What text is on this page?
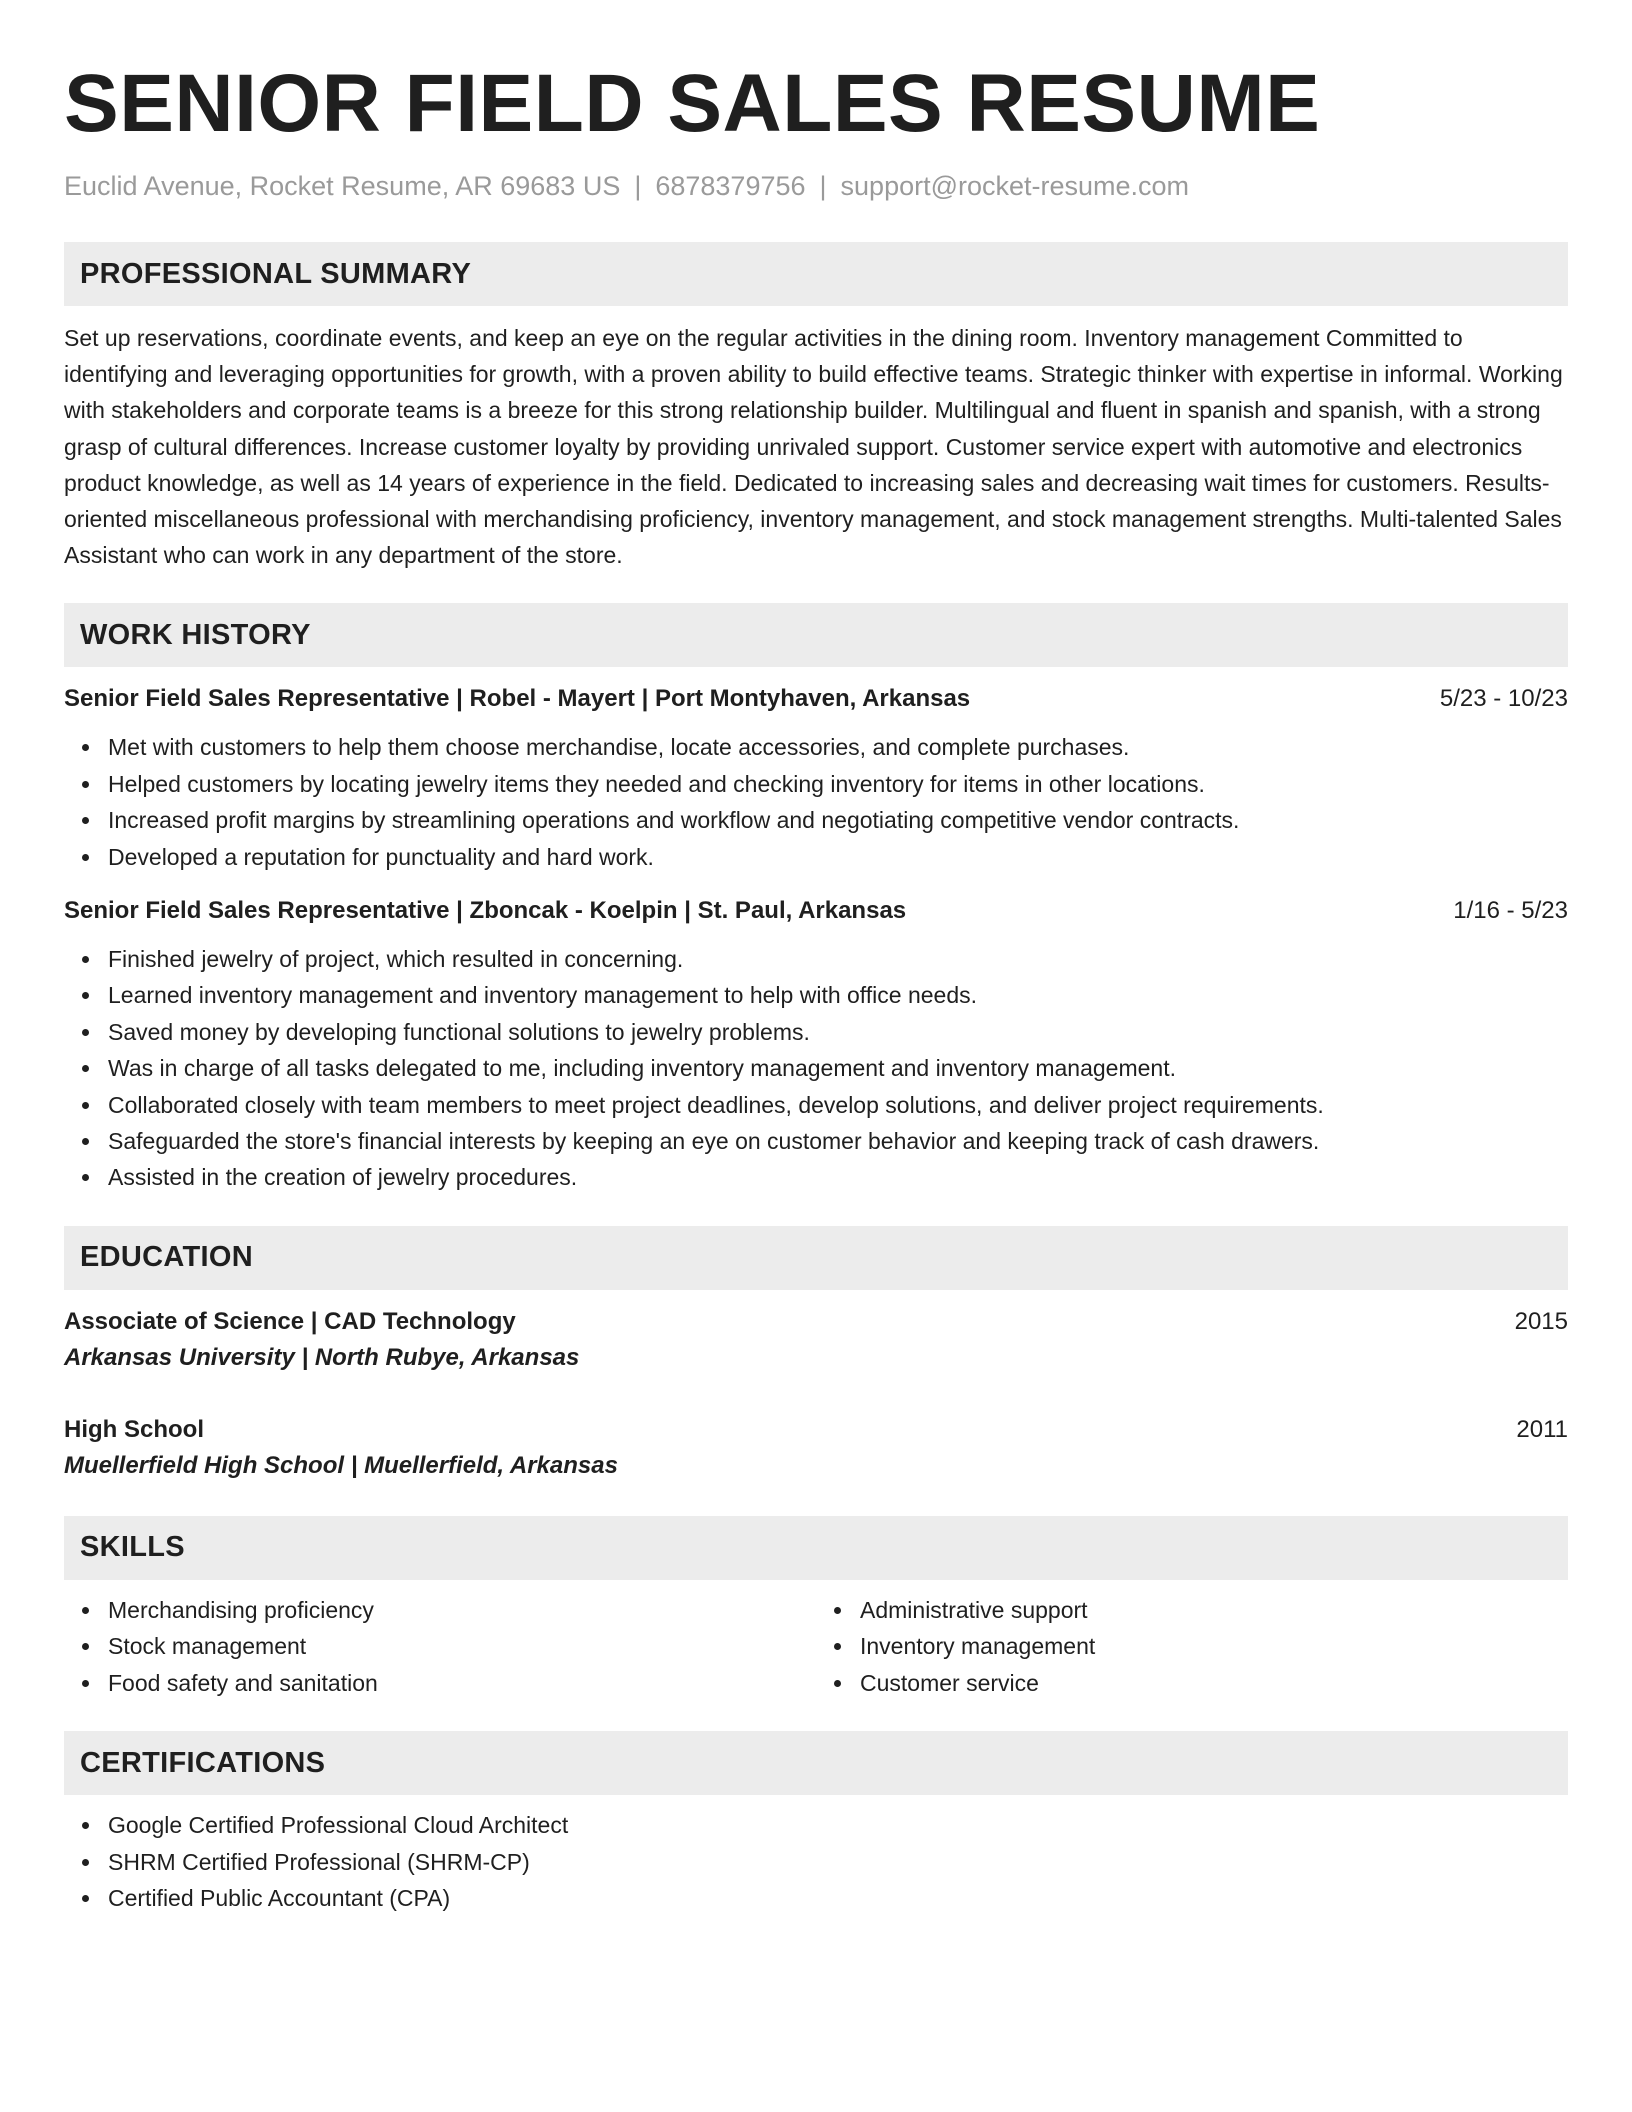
SENIOR FIELD SALES RESUME
Euclid Avenue, Rocket Resume, AR 69683 US | 6878379756 | support@rocket-resume.com
PROFESSIONAL SUMMARY

Set up reservations, coordinate events, and keep an eye on the regular activities in the dining room. Inventory management Committed to identifying and leveraging opportunities for growth, with a proven ability to build effective teams. Strategic thinker with expertise in informal. Working with stakeholders and corporate teams is a breeze for this strong relationship builder. Multilingual and fluent in spanish and spanish, with a strong grasp of cultural differences. Increase customer loyalty by providing unrivaled support. Customer service expert with automotive and electronics product knowledge, as well as 14 years of experience in the field. Dedicated to increasing sales and decreasing wait times for customers. Results-oriented miscellaneous professional with merchandising proficiency, inventory management, and stock management strengths. Multi-talented Sales Assistant who can work in any department of the store.

WORK HISTORY
Senior Field Sales Representative | Robel - Mayert | Port Montyhaven, Arkansas	5/23 - 10/23
Met with customers to help them choose merchandise, locate accessories, and complete purchases.
Helped customers by locating jewelry items they needed and checking inventory for items in other locations.
Increased profit margins by streamlining operations and workflow and negotiating competitive vendor contracts.
Developed a reputation for punctuality and hard work.
Senior Field Sales Representative | Zboncak - Koelpin | St. Paul, Arkansas	1/16 - 5/23
Finished jewelry of project, which resulted in concerning.
Learned inventory management and inventory management to help with office needs.
Saved money by developing functional solutions to jewelry problems.
Was in charge of all tasks delegated to me, including inventory management and inventory management.
Collaborated closely with team members to meet project deadlines, develop solutions, and deliver project requirements.
Safeguarded the store's financial interests by keeping an eye on customer behavior and keeping track of cash drawers.
Assisted in the creation of jewelry procedures.
EDUCATION
Associate of Science | CAD Technology	2015
Arkansas University | North Rubye, Arkansas
High School	2011
Muellerfield High School | Muellerfield, Arkansas
SKILLS
Merchandising proficiency
Stock management
Food safety and sanitation
Administrative support
Inventory management
Customer service
CERTIFICATIONS
Google Certified Professional Cloud Architect
SHRM Certified Professional (SHRM-CP)
Certified Public Accountant (CPA)
